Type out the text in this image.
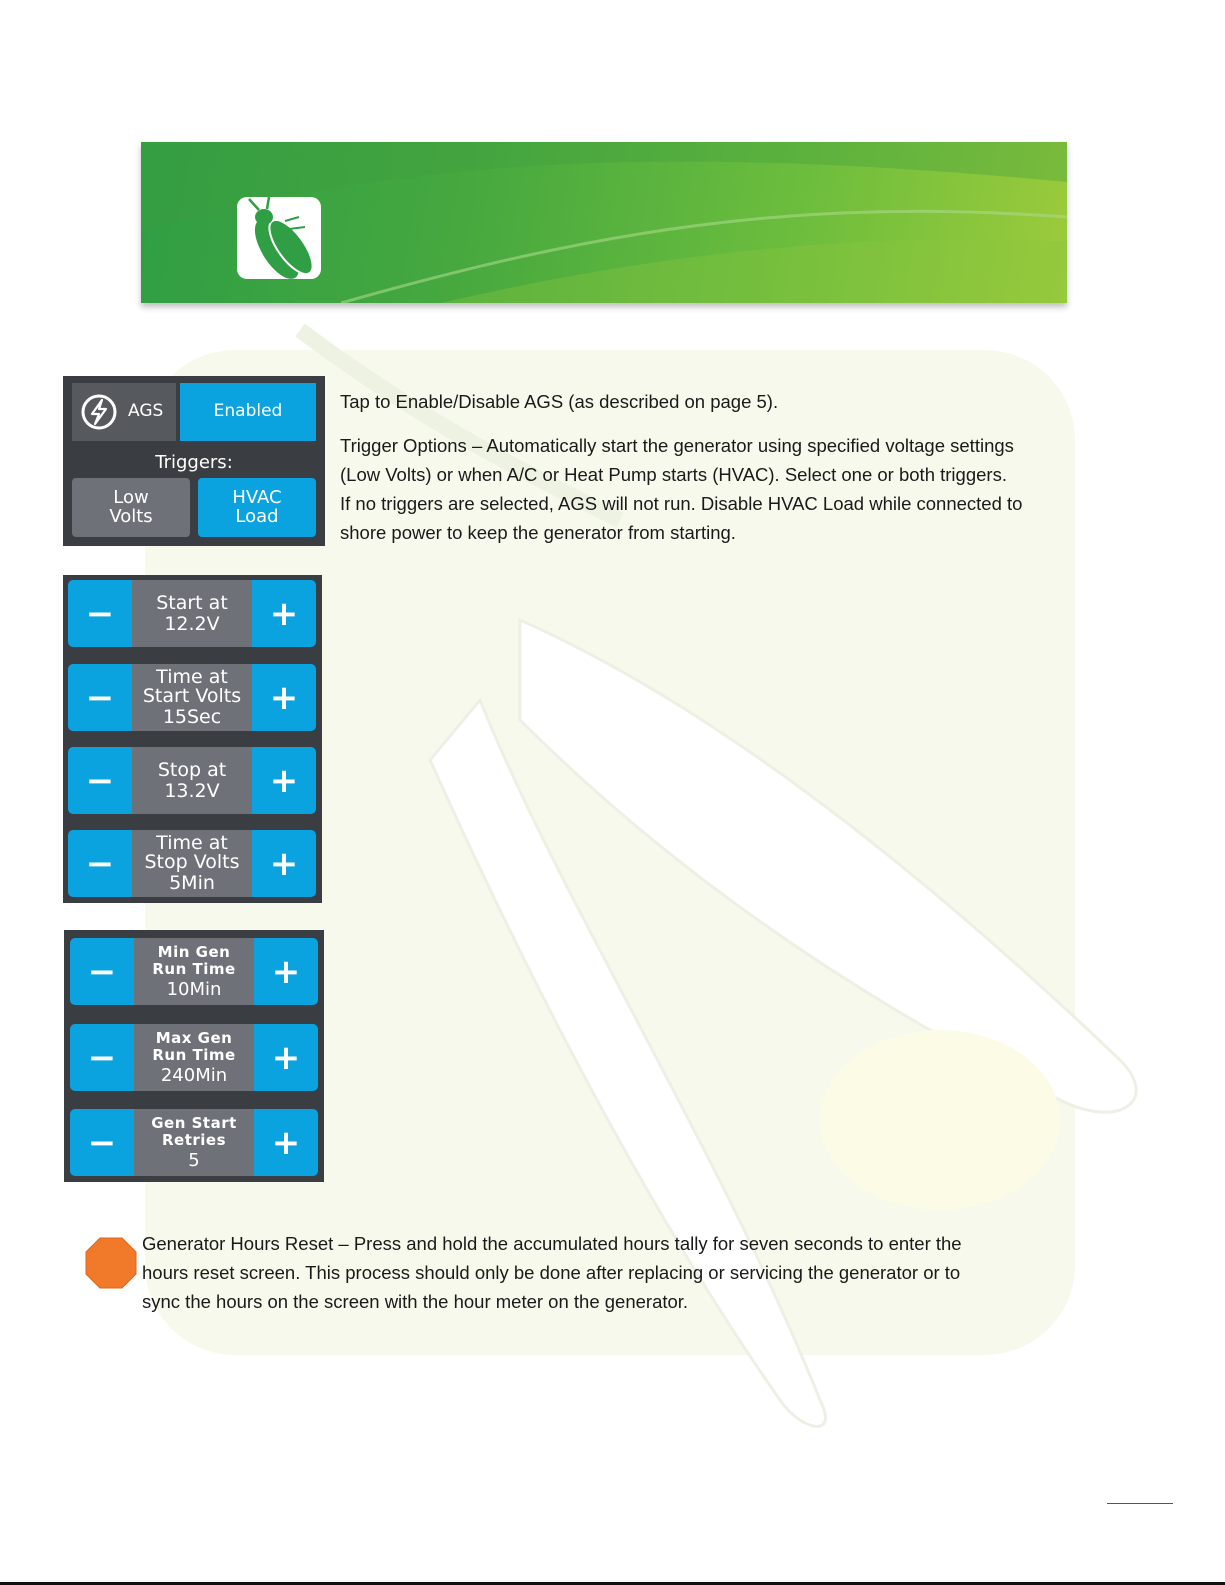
AGS	Enabled
Triggers:
Low
Volts
HVAC
Load
−	Start at
12.2V	+
−
Time at
Start Volts
15Sec	+
−	Stop at
13.2V	+
−
Time at
Stop Volts
5Min	+
−	Min Gen
Run Time
10Min	+
−	Max Gen
Run Time
240Min	+
−	Gen Start
Retries
5	+
Tap to Enable/Disable AGS (as described on page 5).
Trigger Options – Automatically start the generator using specified voltage settings
(Low Volts) or when A/C or Heat Pump starts (HVAC). Select one or both triggers.
If no triggers are selected, AGS will not run. Disable HVAC Load while connected to
shore power to keep the generator from starting.
Generator Hours Reset – Press and hold the accumulated hours tally for seven seconds to enter the
hours reset screen. This process should only be done after replacing or servicing the generator or to
sync the hours on the screen with the hour meter on the generator.
